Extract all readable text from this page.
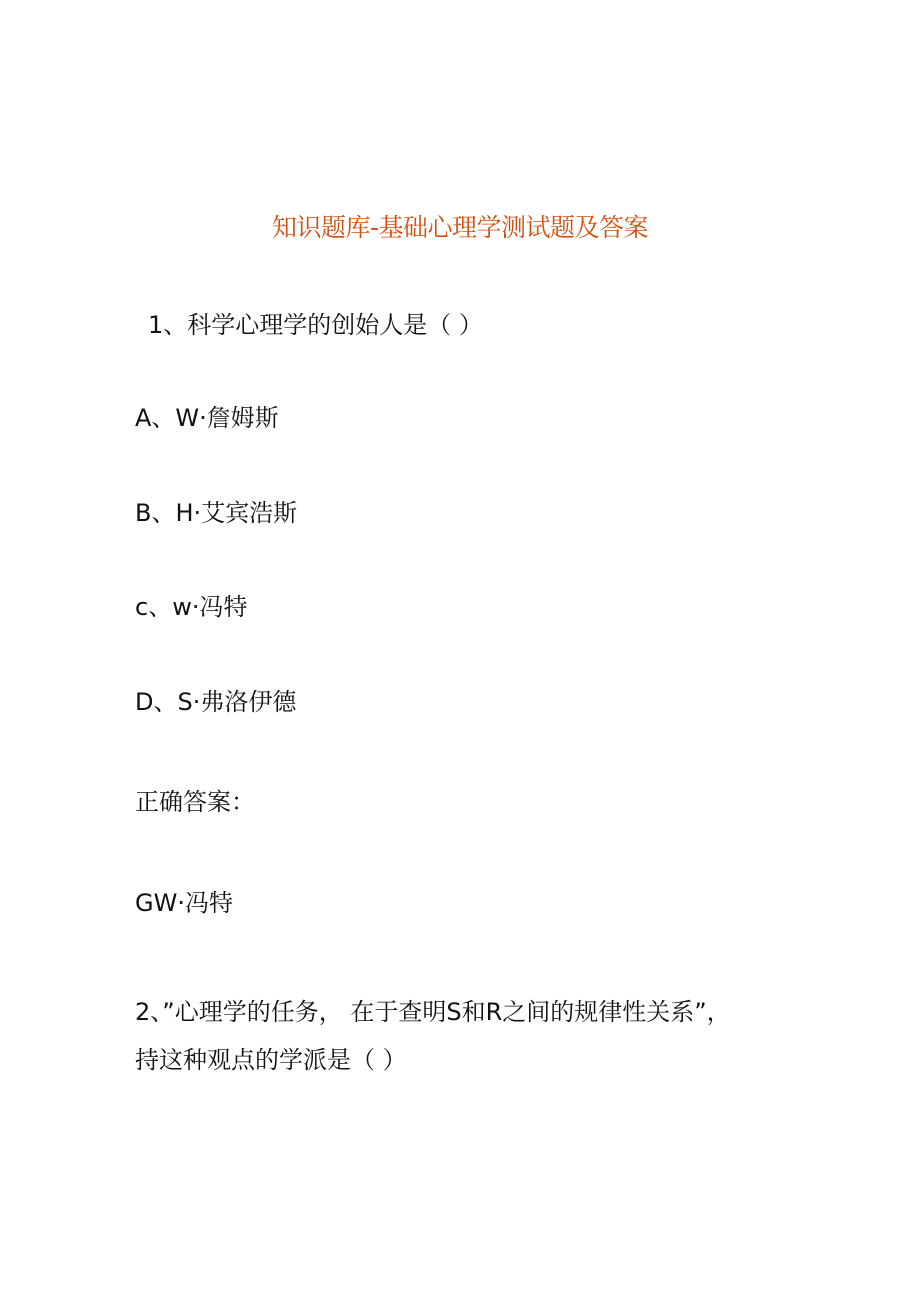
知识题库-基础心理学测试题及答案
1、科学心理学的创始人是（ ）
A、W·詹姆斯
B、H·艾宾浩斯
c、w·冯特
D、S·弗洛伊德
正确答案：
GW·冯特
2、”心理学的任务， 在于查明S和R之间的规律性关系”，
持这种观点的学派是（ ）
